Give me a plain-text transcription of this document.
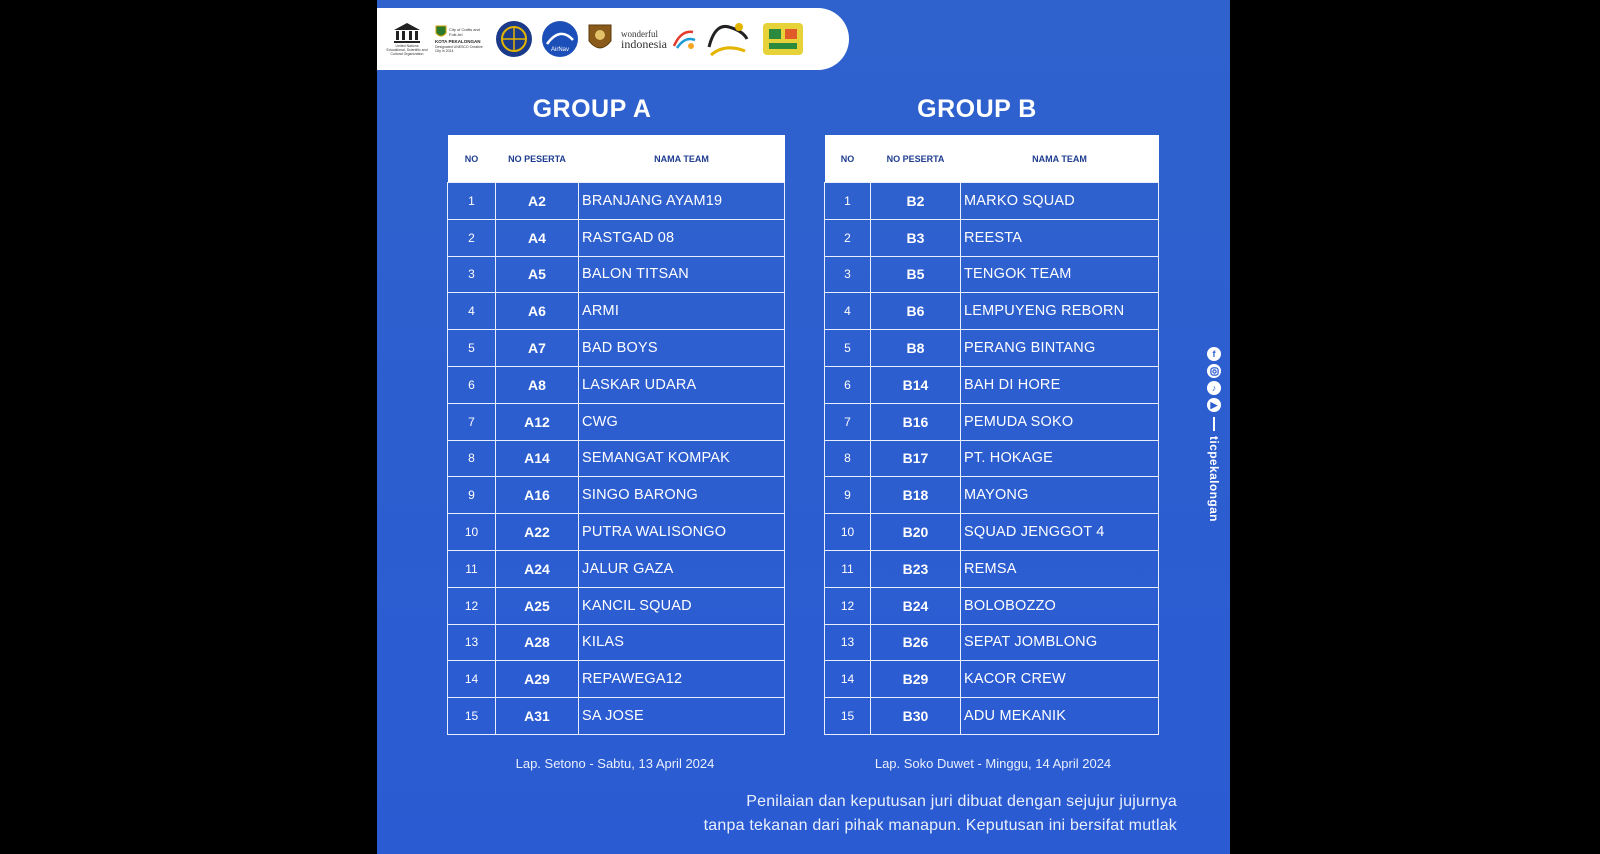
United Nations Educational, Scientific and Cultural Organization
City of Crafts and Folk Art
KOTA PEKALONGAN
Designated UNESCO Creative City in 2014	AirNav
wonderful
indonesia
GROUP A	GROUP B
NO	NO PESERTA	NAMA TEAM
1	A2	BRANJANG AYAM19
2	A4	RASTGAD 08
3	A5	BALON TITSAN
4	A6	ARMI
5	A7	BAD BOYS
6	A8	LASKAR UDARA
7	A12	CWG
8	A14	SEMANGAT KOMPAK
9	A16	SINGO BARONG
10	A22	PUTRA WALISONGO
11	A24	JALUR GAZA
12	A25	KANCIL SQUAD
13	A28	KILAS
14	A29	REPAWEGA12
15	A31	SA JOSE
NO	NO PESERTA	NAMA TEAM
1	B2	MARKO SQUAD
2	B3	REESTA
3	B5	TENGOK TEAM
4	B6	LEMPUYENG REBORN
5	B8	PERANG BINTANG
6	B14	BAH DI HORE
7	B16	PEMUDA SOKO
8	B17	PT. HOKAGE
9	B18	MAYONG
10	B20	SQUAD JENGGOT 4
11	B23	REMSA
12	B24	BOLOBOZZO
13	B26	SEPAT JOMBLONG
14	B29	KACOR CREW
15	B30	ADU MEKANIK
Lap. Setono - Sabtu, 13 April 2024	Lap. Soko Duwet - Minggu, 14 April 2024
Penilaian dan keputusan juri dibuat dengan sejujur jujurnya
tanpa tekanan dari pihak manapun. Keputusan ini bersifat mutlak
f
♪
▶
ticpekalongan
